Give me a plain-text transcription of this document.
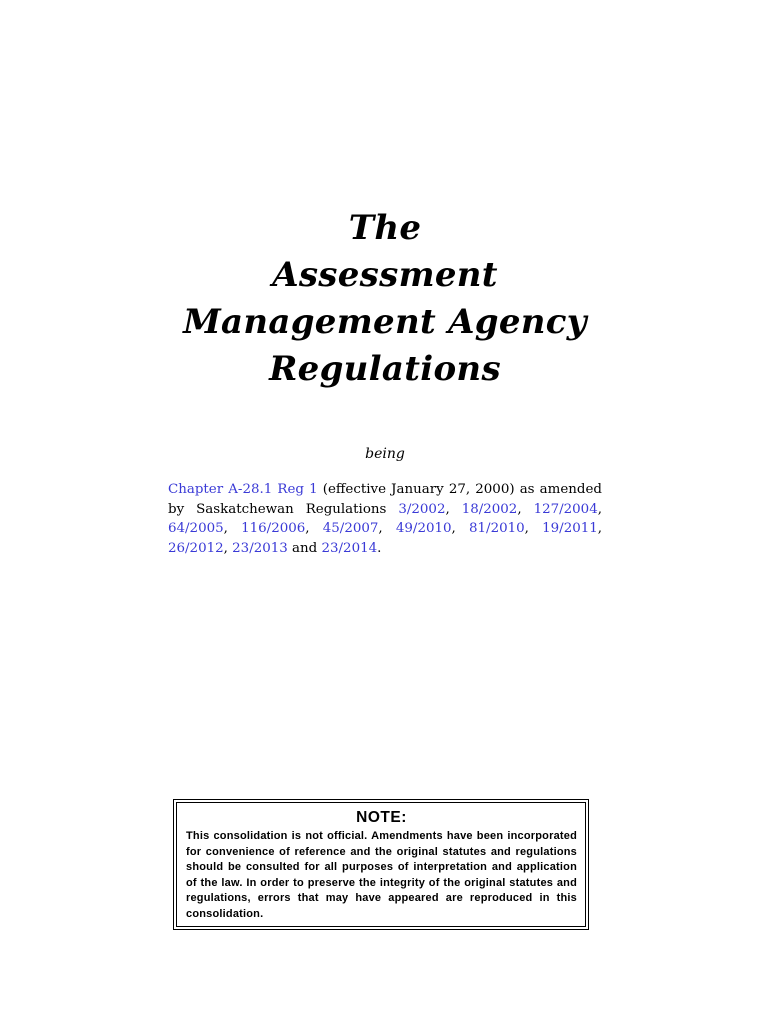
The
Assessment
Management Agency
Regulations
being
Chapter A-28.1 Reg 1 (effective January 27, 2000) as amended by Saskatchewan Regulations 3/2002, 18/2002, 127/2004, 64/2005, 116/2006, 45/2007, 49/2010, 81/2010, 19/2011, 26/2012, 23/2013 and 23/2014.
NOTE:
This consolidation is not official. Amendments have been incorporated for convenience of reference and the original statutes and regulations should be consulted for all purposes of interpretation and application of the law. In order to preserve the integrity of the original statutes and regulations, errors that may have appeared are reproduced in this consolidation.
